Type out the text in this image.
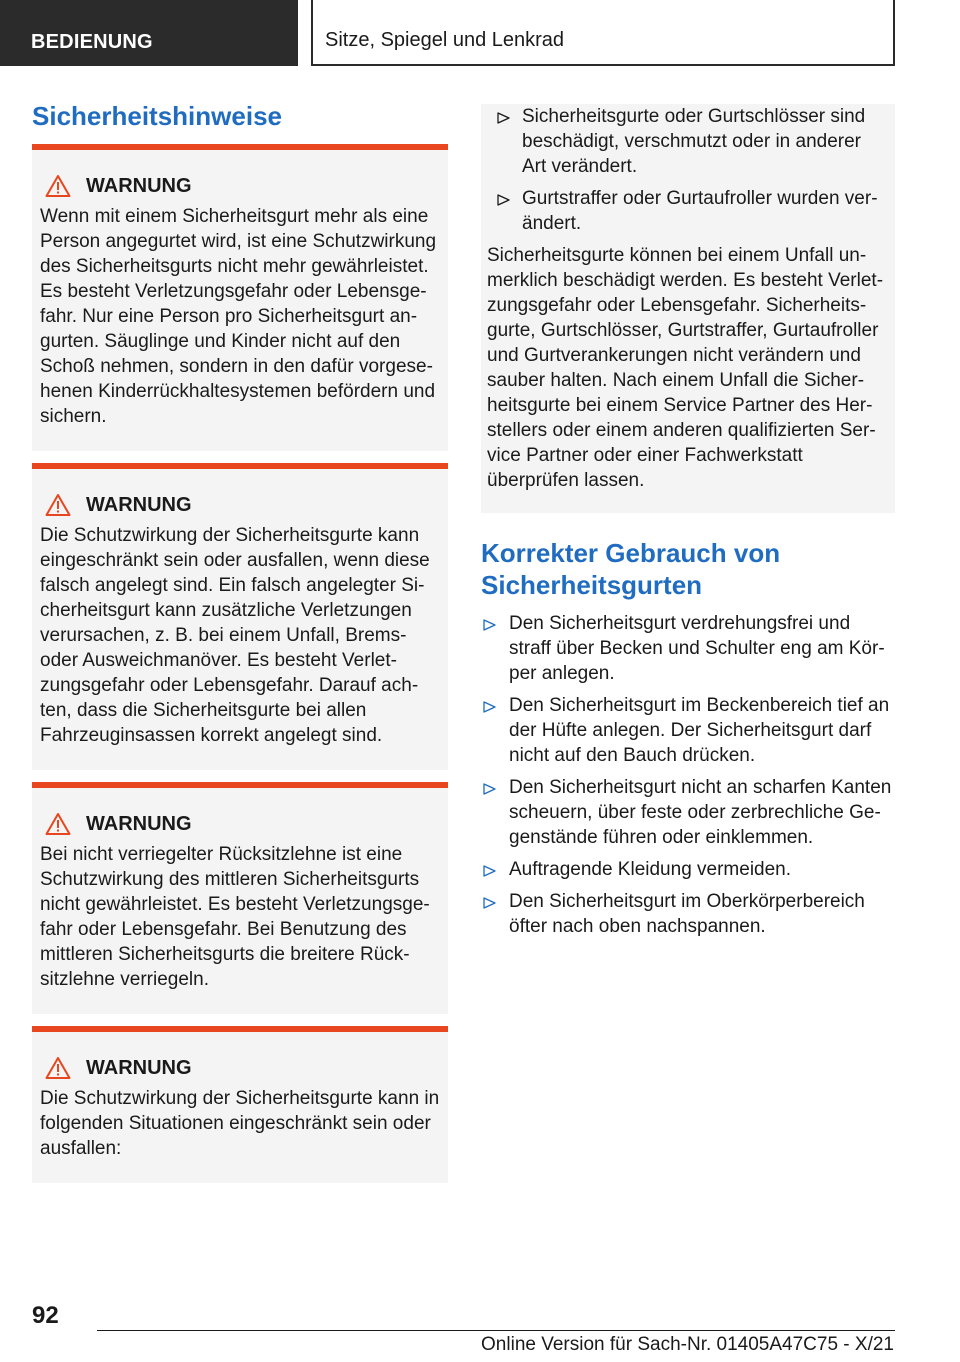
BEDIENUNG	Sitze, Spiegel und Lenkrad
Sicherheitshinweise
WARNUNG

Wenn mit einem Sicherheitsgurt mehr als eine Person angegurtet wird, ist eine Schutzwirkung des Sicherheitsgurts nicht mehr gewährleistet. Es besteht Verletzungsgefahr oder Lebensgefahr. Nur eine Person pro Sicherheitsgurt angurten. Säuglinge und Kinder nicht auf den Schoß nehmen, sondern in den dafür vorgesehenen Kinderrückhaltesystemen befördern und sichern.

WARNUNG

Die Schutzwirkung der Sicherheitsgurte kann eingeschränkt sein oder ausfallen, wenn diese falsch angelegt sind. Ein falsch angelegter Sicherheitsgurt kann zusätzliche Verletzungen verursachen, z. B. bei einem Unfall, Brems- oder Ausweichmanöver. Es besteht Verletzungsgefahr oder Lebensgefahr. Darauf achten, dass die Sicherheitsgurte bei allen Fahrzeuginsassen korrekt angelegt sind.

WARNUNG

Bei nicht verriegelter Rücksitzlehne ist eine Schutzwirkung des mittleren Sicherheitsgurts nicht gewährleistet. Es besteht Verletzungsgefahr oder Lebensgefahr. Bei Benutzung des mittleren Sicherheitsgurts die breitere Rücksitzlehne verriegeln.

WARNUNG

Die Schutzwirkung der Sicherheitsgurte kann in folgenden Situationen eingeschränkt sein oder ausfallen:

Sicherheitsgurte oder Gurtschlösser sind beschädigt, verschmutzt oder in anderer Art verändert.
Gurtstraffer oder Gurtaufroller wurden verändert.

Sicherheitsgurte können bei einem Unfall unmerklich beschädigt werden. Es besteht Verletzungsgefahr oder Lebensgefahr. Sicherheitsgurte, Gurtschlösser, Gurtstraffer, Gurtaufroller und Gurtverankerungen nicht verändern und sauber halten. Nach einem Unfall die Sicherheitsgurte bei einem Service Partner des Herstellers oder einem anderen qualifizierten Service Partner oder einer Fachwerkstatt überprüfen lassen.

Korrekter Gebrauch von Sicherheitsgurten
Den Sicherheitsgurt verdrehungsfrei und straff über Becken und Schulter eng am Körper anlegen.
Den Sicherheitsgurt im Beckenbereich tief an der Hüfte anlegen. Der Sicherheitsgurt darf nicht auf den Bauch drücken.
Den Sicherheitsgurt nicht an scharfen Kanten scheuern, über feste oder zerbrechliche Gegenstände führen oder einklemmen.
Auftragende Kleidung vermeiden.
Den Sicherheitsgurt im Oberkörperbereich öfter nach oben nachspannen.
92
Online Version für Sach-Nr. 01405A47C75 - X/21
